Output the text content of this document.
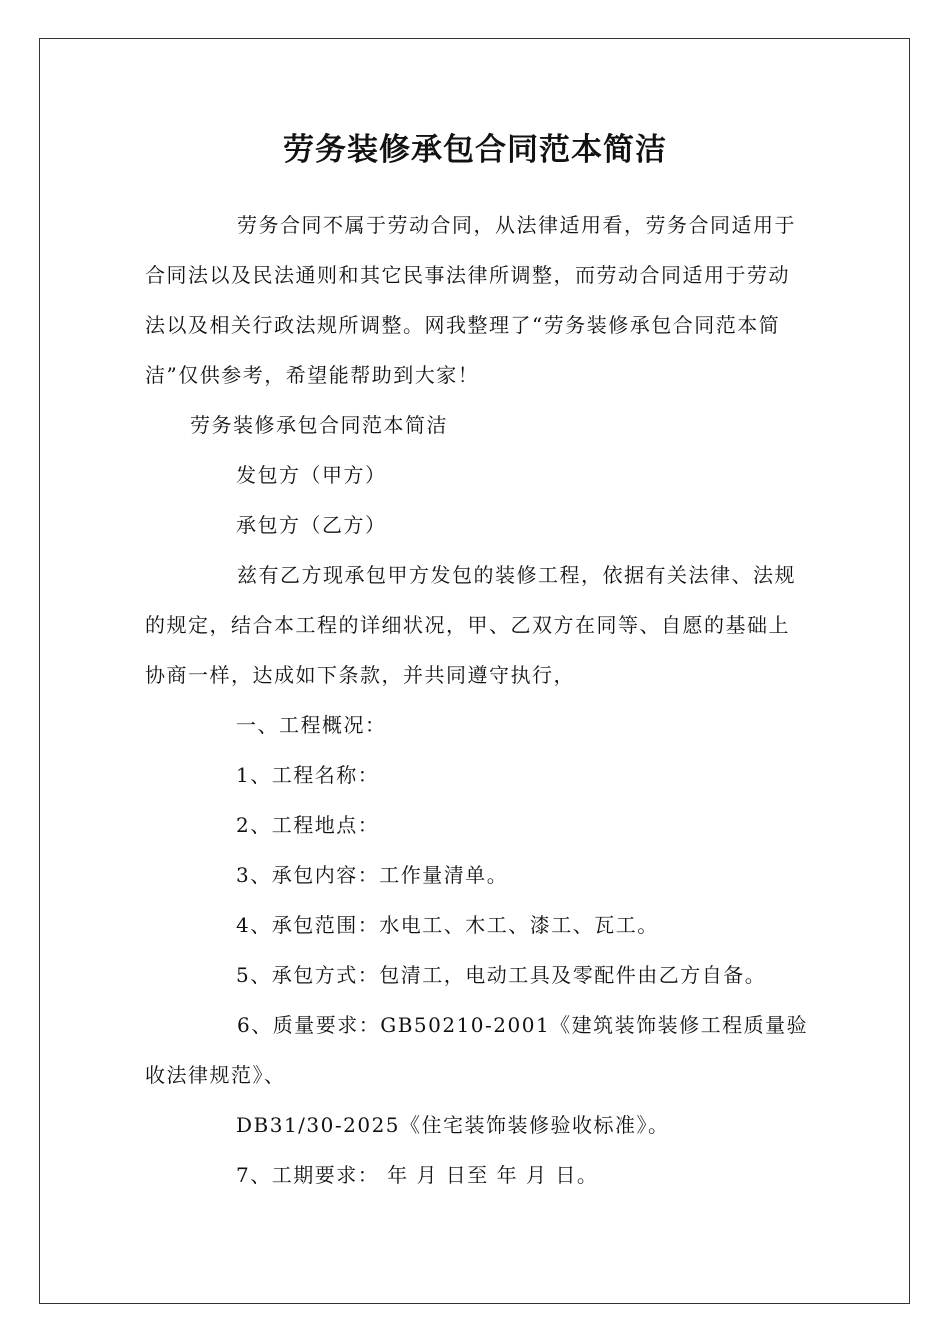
劳务装修承包合同范本简洁

劳务合同不属于劳动合同，从法律适用看，劳务合同适用于合同法以及民法通则和其它民事法律所调整，而劳动合同适用于劳动法以及相关行政法规所调整。网我整理了“劳务装修承包合同范本简洁”仅供参考，希望能帮助到大家！

劳务装修承包合同范本简洁

发包方（甲方）

承包方（乙方）

兹有乙方现承包甲方发包的装修工程，依据有关法律、法规的规定，结合本工程的详细状况，甲、乙双方在同等、自愿的基础上协商一样，达成如下条款，并共同遵守执行，

一、工程概况：

1、工程名称：

2、工程地点：

3、承包内容：工作量清单。

4、承包范围：水电工、木工、漆工、瓦工。

5、承包方式：包清工，电动工具及零配件由乙方自备。

6、质量要求：GB50210-2001《建筑装饰装修工程质量验收法律规范》、

DB31/30-2025《住宅装饰装修验收标准》。

7、工期要求： 年 月 日至 年 月 日。
